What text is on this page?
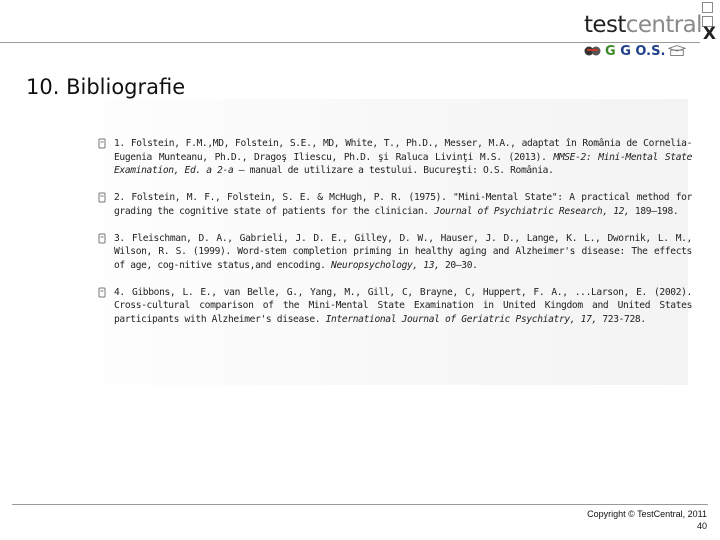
X
testcentral
G G O.S.
10. Bibliografie
1. Folstein, F.M.,MD, Folstein, S.E., MD, White, T., Ph.D., Messer, M.A., adaptat în România de Cornelia-Eugenia Munteanu, Ph.D., Dragoş Iliescu, Ph.D. şi Raluca Livinţi M.S. (2013). MMSE-2: Mini-Mental State Examination, Ed. a 2-a – manual de utilizare a testului. Bucureşti: O.S. România.
2. Folstein, M. F., Folstein, S. E. & McHugh, P. R. (1975). "Mini-Mental State": A practical method for grading the cognitive state of patients for the clinician. Journal of Psychiatric Research, 12, 189–198.
3. Fleischman, D. A., Gabrieli, J. D. E., Gilley, D. W., Hauser, J. D., Lange, K. L., Dwornik, L. M., Wilson, R. S. (1999). Word-stem completion priming in healthy aging and Alzheimer's disease: The effects of age, cog-nitive status,and encoding. Neuropsychology, 13, 20–30.
4. Gibbons, L. E., van Belle, G., Yang, M., Gill, C, Brayne, C, Huppert, F. A., ...Larson, E. (2002). Cross-cultural comparison of the Mini-Mental State Examination in United Kingdom and United States participants with Alzheimer's disease. International Journal of Geriatric Psychiatry, 17, 723-728.
Copyright © TestCentral, 2011
40
